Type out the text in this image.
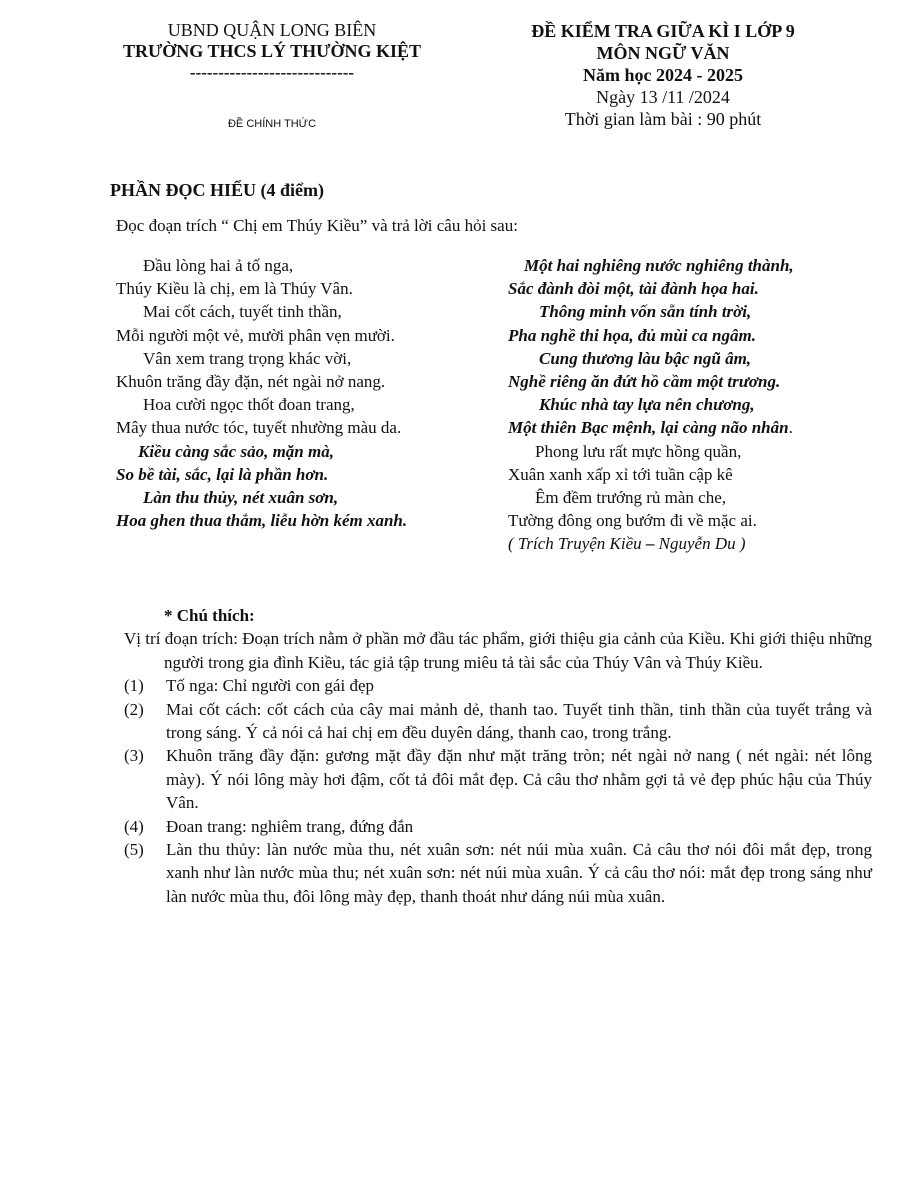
UBND QUẬN LONG BIÊN
TRƯỜNG THCS LÝ THƯỜNG KIỆT
-----------------------------
ĐỀ CHÍNH THỨC
ĐỀ KIỂM TRA GIỮA KÌ I LỚP 9
MÔN NGỮ VĂN
Năm học 2024 - 2025
Ngày 13 /11 /2024
Thời gian làm bài : 90 phút
PHẦN ĐỌC HIỂU (4 điểm)
Đọc đoạn trích “ Chị em Thúy Kiều” và trả lời câu hỏi sau:
Đầu lòng hai ả tố nga,
Thúy Kiều là chị, em là Thúy Vân.
Mai cốt cách, tuyết tinh thần,
Mỗi người một vẻ, mười phân vẹn mười.
Vân xem trang trọng khác vời,
Khuôn trăng đầy đặn, nét ngài nở nang.
Hoa cười ngọc thốt đoan trang,
Mây thua nước tóc, tuyết nhường màu da.
Kiều càng sắc sảo, mặn mà,
So bề tài, sắc, lại là phần hơn.
Làn thu thủy, nét xuân sơn,
Hoa ghen thua thắm, liễu hờn kém xanh.
Một hai nghiêng nước nghiêng thành,
Sắc đành đòi một, tài đành họa hai.
Thông minh vốn sẵn tính trời,
Pha nghề thi họa, đủ mùi ca ngâm.
Cung thương làu bậc ngũ âm,
Nghề riêng ăn đứt hồ cầm một trương.
Khúc nhà tay lựa nên chương,
Một thiên Bạc mệnh, lại càng não nhân.
Phong lưu rất mực hồng quần,
Xuân xanh xấp xỉ tới tuần cập kê
Êm đềm trướng rủ màn che,
Tường đông ong bướm đi về mặc ai.
( Trích Truyện Kiều – Nguyễn Du )
* Chú thích:
Vị trí đoạn trích: Đoạn trích nằm ở phần mở đầu tác phẩm, giới thiệu gia cảnh của Kiều. Khi giới thiệu những người trong gia đình Kiều, tác giả tập trung miêu tả tài sắc của Thúy Vân và Thúy Kiều.
(1)	Tố nga: Chỉ người con gái đẹp
(2)	Mai cốt cách: cốt cách của cây mai mảnh dẻ, thanh tao. Tuyết tinh thần, tinh thần của tuyết trắng và trong sáng. Ý cả nói cả hai chị em đều duyên dáng, thanh cao, trong trắng.
(3)	Khuôn trăng đầy đặn: gương mặt đầy đặn như mặt trăng tròn; nét ngài nở nang ( nét ngài: nét lông mày). Ý nói lông mày hơi đậm, cốt tả đôi mắt đẹp. Cả câu thơ nhằm gợi tả vẻ đẹp phúc hậu của Thúy Vân.
(4)	Đoan trang: nghiêm trang, đứng đắn
(5)	Làn thu thủy: làn nước mùa thu, nét xuân sơn: nét núi mùa xuân. Cả câu thơ nói đôi mắt đẹp, trong xanh như làn nước mùa thu; nét xuân sơn: nét núi mùa xuân. Ý cả câu thơ nói: mắt đẹp trong sáng như làn nước mùa thu, đôi lông mày đẹp, thanh thoát như dáng núi mùa xuân.
